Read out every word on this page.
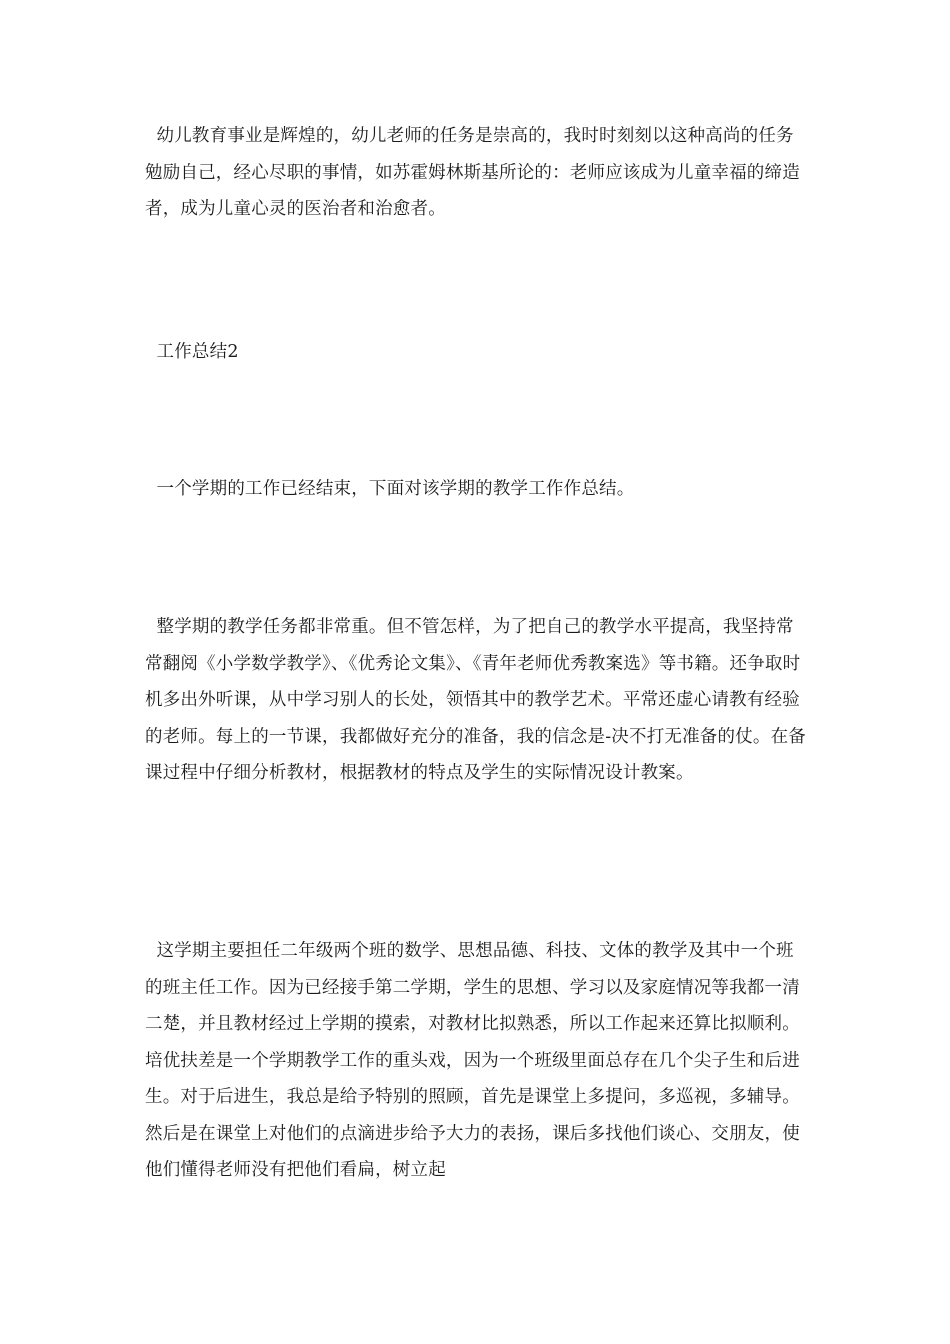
幼儿教育事业是辉煌的，幼儿老师的任务是崇高的，我时时刻刻以这种高尚的任务勉励自己，经心尽职的事情，如苏霍姆林斯基所论的：老师应该成为儿童幸福的缔造者，成为儿童心灵的医治者和治愈者。

工作总结2

一个学期的工作已经结束，下面对该学期的教学工作作总结。

整学期的教学任务都非常重。但不管怎样，为了把自己的教学水平提高，我坚持常常翻阅《小学数学教学》、《优秀论文集》、《青年老师优秀教案选》等书籍。还争取时机多出外听课，从中学习别人的长处，领悟其中的教学艺术。平常还虚心请教有经验的老师。每上的一节课，我都做好充分的准备，我的信念是-决不打无准备的仗。在备课过程中仔细分析教材，根据教材的特点及学生的实际情况设计教案。

这学期主要担任二年级两个班的数学、思想品德、科技、文体的教学及其中一个班的班主任工作。因为已经接手第二学期，学生的思想、学习以及家庭情况等我都一清二楚，并且教材经过上学期的摸索，对教材比拟熟悉，所以工作起来还算比拟顺利。培优扶差是一个学期教学工作的重头戏，因为一个班级里面总存在几个尖子生和后进生。对于后进生，我总是给予特别的照顾，首先是课堂上多提问，多巡视，多辅导。然后是在课堂上对他们的点滴进步给予大力的表扬，课后多找他们谈心、交朋友，使他们懂得老师没有把他们看扁，树立起
